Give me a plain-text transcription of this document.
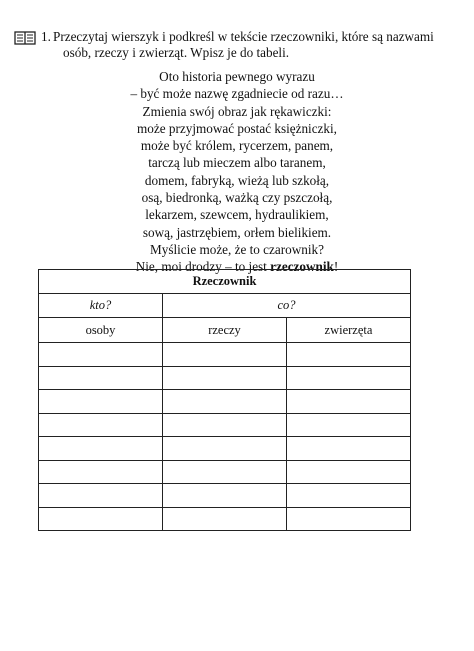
1. Przeczytaj wierszyk i podkreśl w tekście rzeczowniki, które są nazwami
osób, rzeczy i zwierząt. Wpisz je do tabeli.
Oto historia pewnego wyrazu
– być może nazwę zgadniecie od razu…
Zmienia swój obraz jak rękawiczki:
może przyjmować postać księżniczki,
może być królem, rycerzem, panem,
tarczą lub mieczem albo taranem,
domem, fabryką, wieżą lub szkołą,
osą, biedronką, ważką czy pszczołą,
lekarzem, szewcem, hydraulikiem,
sową, jastrzębiem, orłem bielikiem.
Myślicie może, że to czarownik?
Nie, moi drodzy – to jest rzeczownik!
Rzeczownik		
kto?	co?	
osoby	rzeczy	zwierzęta
